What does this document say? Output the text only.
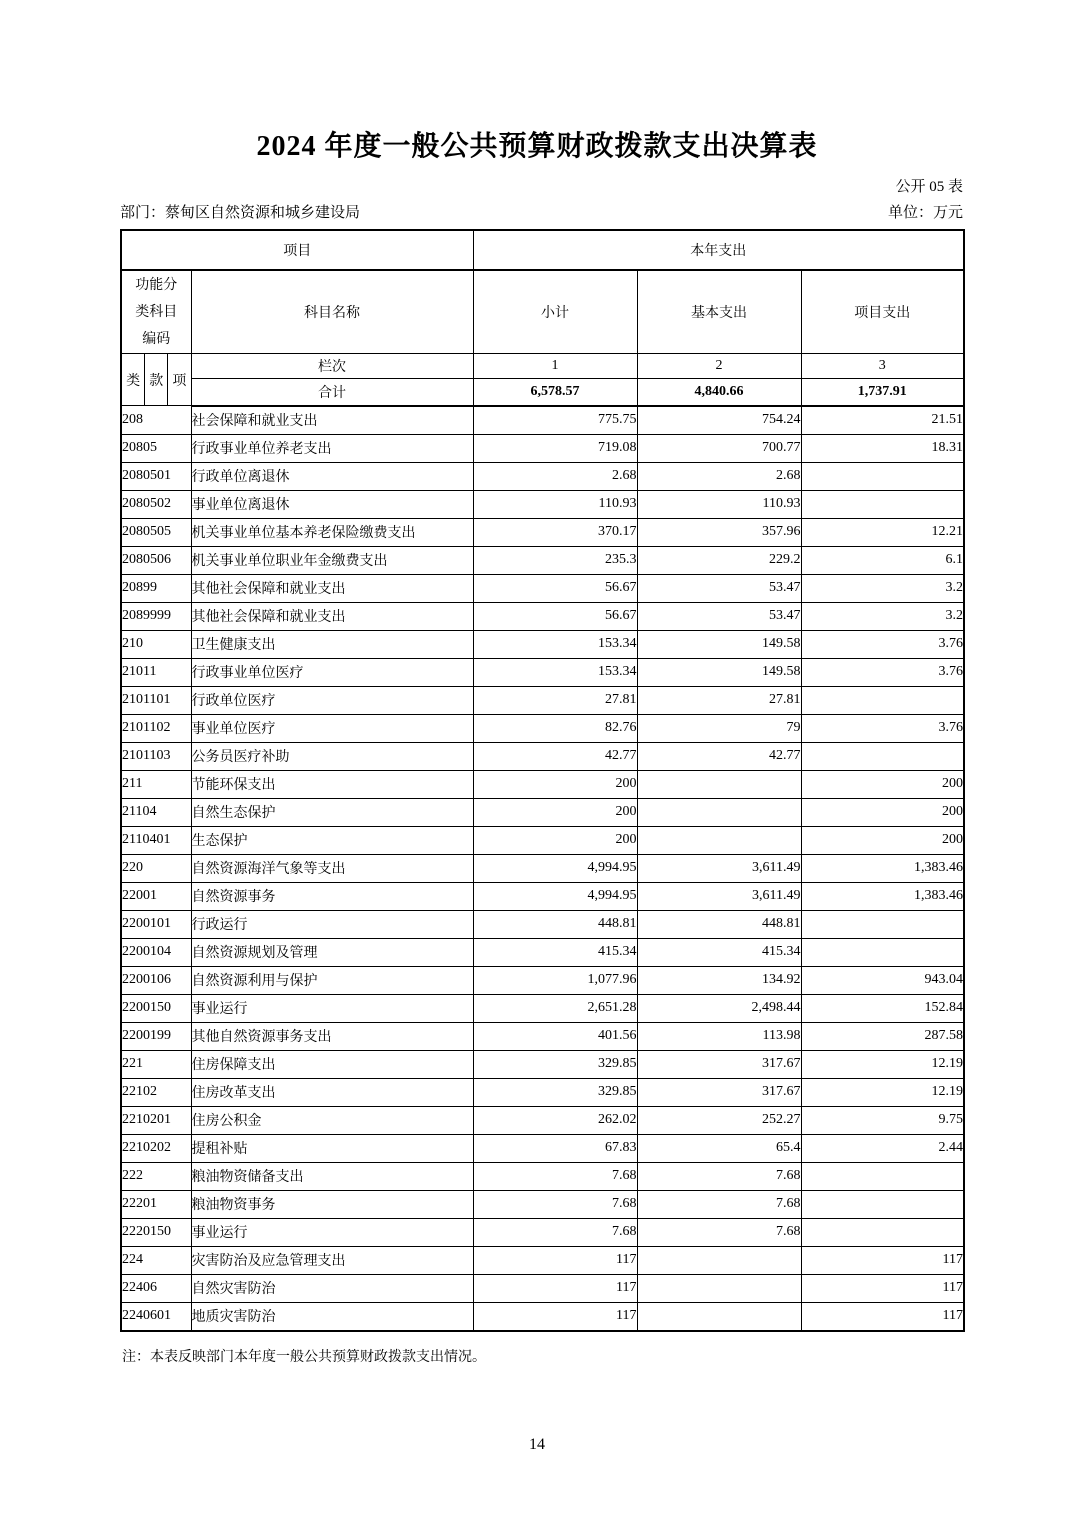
2024 年度一般公共预算财政拨款支出决算表
公开 05 表
部门：蔡甸区自然资源和城乡建设局	单位：万元
项目		本年支出		

功能分类科目编码	科目名称	小计	基本支出	项目支出

类 款 项	栏次	1	2	3
	合计	6,578.57	4,840.66	1,737.91
208	社会保障和就业支出	775.75	754.24	21.51
20805	行政事业单位养老支出	719.08	700.77	18.31
2080501	行政单位离退休	2.68	2.68	
2080502	事业单位离退休	110.93	110.93	
2080505	机关事业单位基本养老保险缴费支出	370.17	357.96	12.21
2080506	机关事业单位职业年金缴费支出	235.3	229.2	6.1
20899	其他社会保障和就业支出	56.67	53.47	3.2
2089999	其他社会保障和就业支出	56.67	53.47	3.2
210	卫生健康支出	153.34	149.58	3.76
21011	行政事业单位医疗	153.34	149.58	3.76
2101101	行政单位医疗	27.81	27.81	
2101102	事业单位医疗	82.76	79	3.76
2101103	公务员医疗补助	42.77	42.77	
211	节能环保支出	200		200
21104	自然生态保护	200		200
2110401	生态保护	200		200
220	自然资源海洋气象等支出	4,994.95	3,611.49	1,383.46
22001	自然资源事务	4,994.95	3,611.49	1,383.46
2200101	行政运行	448.81	448.81	
2200104	自然资源规划及管理	415.34	415.34	
2200106	自然资源利用与保护	1,077.96	134.92	943.04
2200150	事业运行	2,651.28	2,498.44	152.84
2200199	其他自然资源事务支出	401.56	113.98	287.58
221	住房保障支出	329.85	317.67	12.19
22102	住房改革支出	329.85	317.67	12.19
2210201	住房公积金	262.02	252.27	9.75
2210202	提租补贴	67.83	65.4	2.44
222	粮油物资储备支出	7.68	7.68	
22201	粮油物资事务	7.68	7.68	
2220150	事业运行	7.68	7.68	
224	灾害防治及应急管理支出	117		117
22406	自然灾害防治	117		117
2240601	地质灾害防治	117		117
注：本表反映部门本年度一般公共预算财政拨款支出情况。
14
